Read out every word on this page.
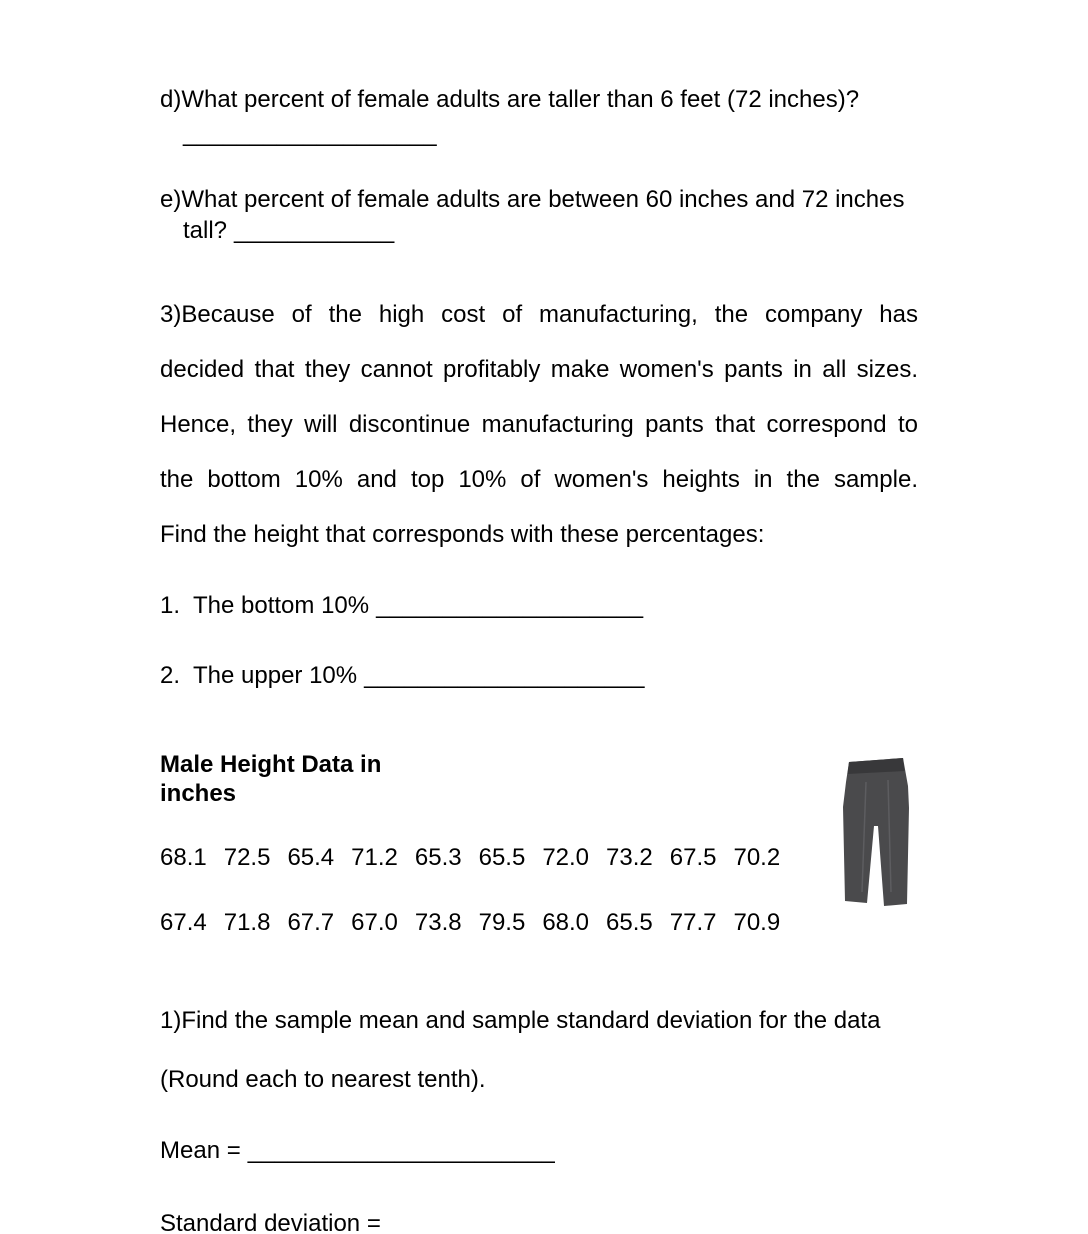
d)What percent of female adults are taller than 6 feet (72 inches)?
___________________
e)What percent of female adults are between 60 inches and 72 inches
tall? ____________
3)Because of the high cost of manufacturing, the company has
decided that they cannot profitably make women's pants in all sizes.
Hence, they will discontinue manufacturing pants that correspond to
the bottom 10% and top 10% of women's heights in the sample.
Find the height that corresponds with these percentages:
1. The bottom 10% ____________________
2. The upper 10% _____________________
Male Height Data in
inches
68.1 72.5 65.4 71.2 65.3 65.5 72.0 73.2 67.5 70.2
67.4 71.8 67.7 67.0 73.8 79.5 68.0 65.5 77.7 70.9
1)Find the sample mean and sample standard deviation for the data
(Round each to nearest tenth).
Mean = _______________________
Standard deviation =
